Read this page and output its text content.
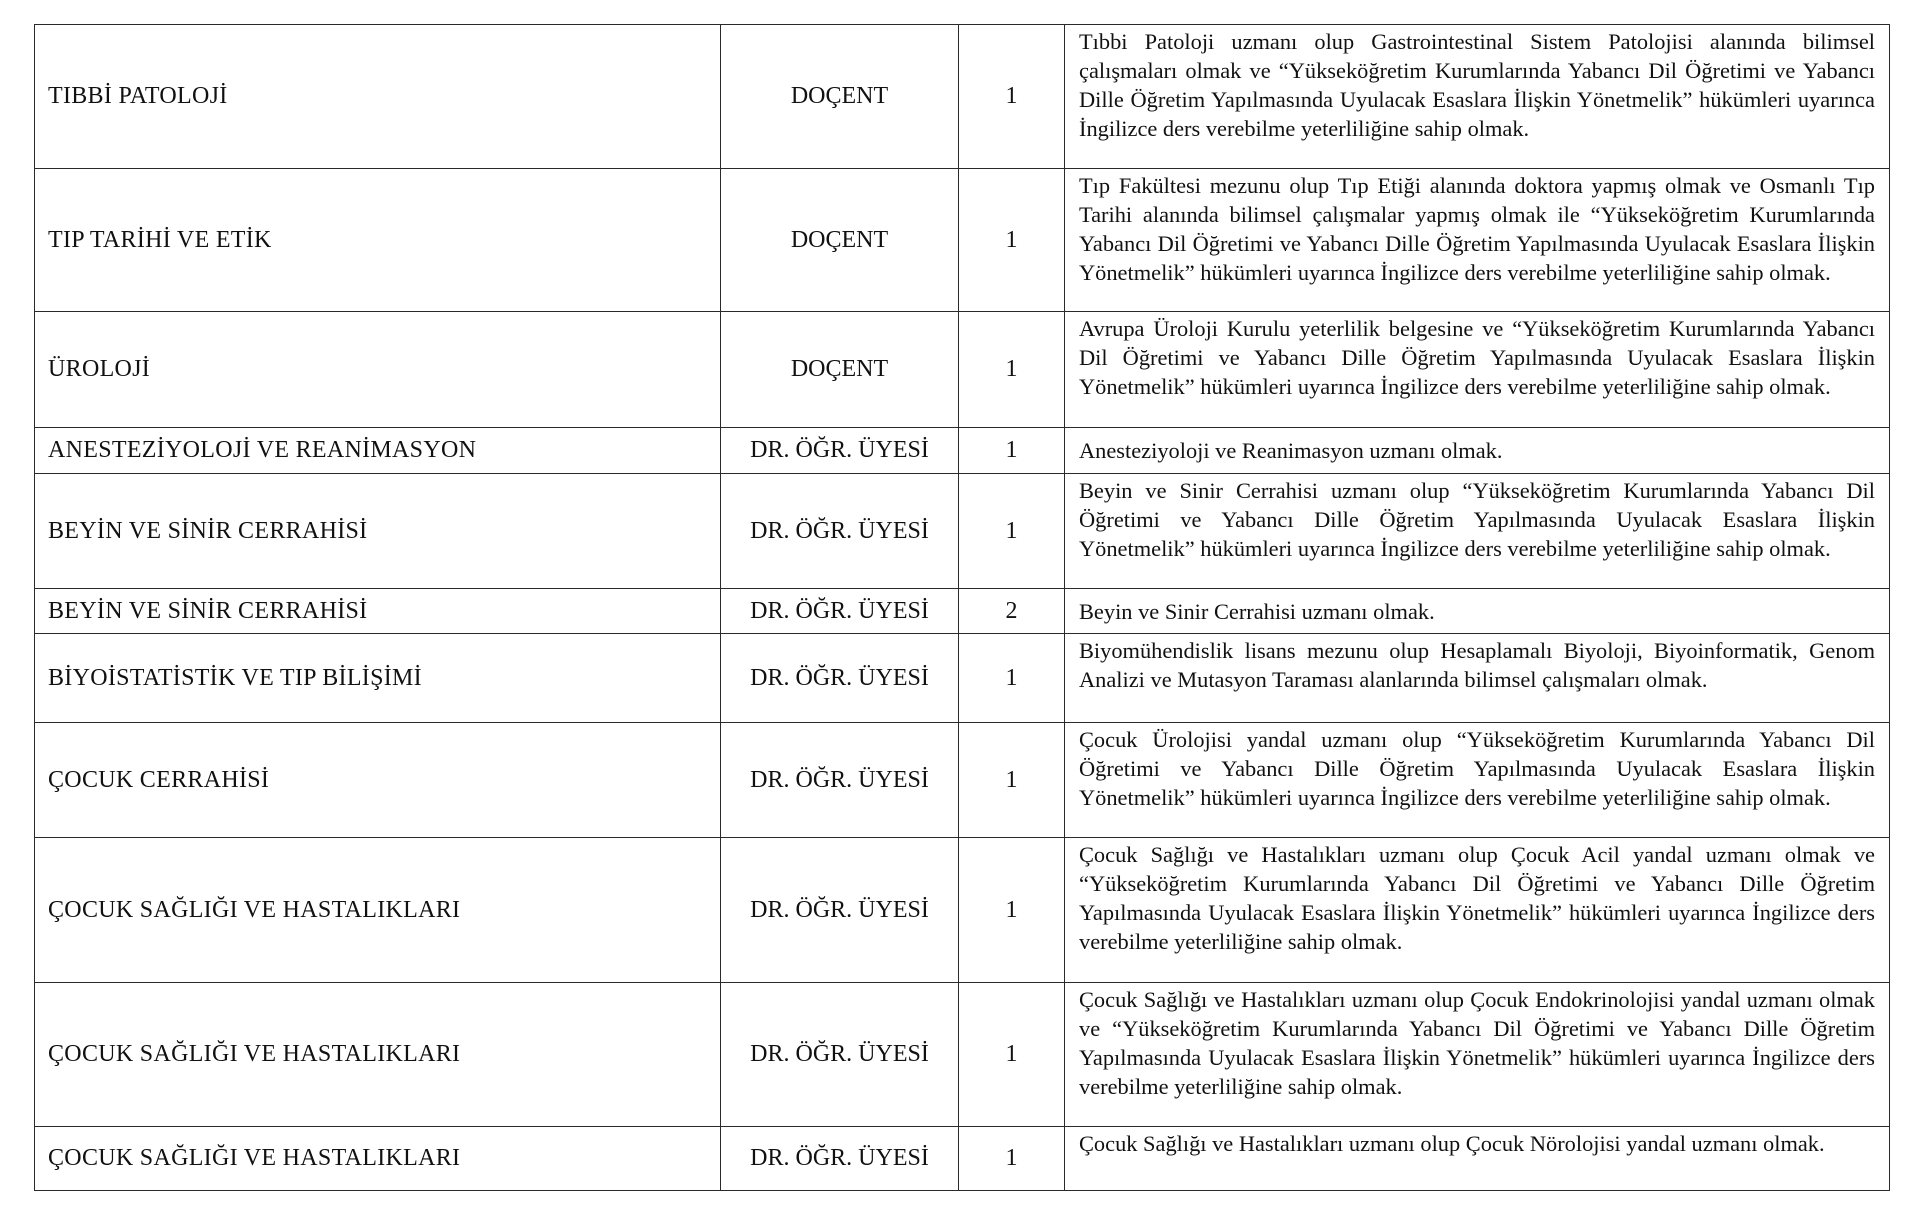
TIBBİ PATOLOJİ	DOÇENT	1	Tıbbi Patoloji uzmanı olup Gastrointestinal Sistem Patolojisi alanında bilimsel çalışmaları olmak ve “Yükseköğretim Kurumlarında Yabancı Dil Öğretimi ve Yabancı Dille Öğretim Yapılmasında Uyulacak Esaslara İlişkin Yönetmelik” hükümleri uyarınca İngilizce ders verebilme yeterliliğine sahip olmak.
TIP TARİHİ VE ETİK	DOÇENT	1	Tıp Fakültesi mezunu olup Tıp Etiği alanında doktora yapmış olmak ve Osmanlı Tıp Tarihi alanında bilimsel çalışmalar yapmış olmak ile “Yükseköğretim Kurumlarında Yabancı Dil Öğretimi ve Yabancı Dille Öğretim Yapılmasında Uyulacak Esaslara İlişkin Yönetmelik” hükümleri uyarınca İngilizce ders verebilme yeterliliğine sahip olmak.
ÜROLOJİ	DOÇENT	1	Avrupa Üroloji Kurulu yeterlilik belgesine ve “Yükseköğretim Kurumlarında Yabancı Dil Öğretimi ve Yabancı Dille Öğretim Yapılmasında Uyulacak Esaslara İlişkin Yönetmelik” hükümleri uyarınca İngilizce ders verebilme yeterliliğine sahip olmak.
ANESTEZİYOLOJİ VE REANİMASYON	DR. ÖĞR. ÜYESİ	1	Anesteziyoloji ve Reanimasyon uzmanı olmak.
BEYİN VE SİNİR CERRAHİSİ	DR. ÖĞR. ÜYESİ	1	Beyin ve Sinir Cerrahisi uzmanı olup “Yükseköğretim Kurumlarında Yabancı Dil Öğretimi ve Yabancı Dille Öğretim Yapılmasında Uyulacak Esaslara İlişkin Yönetmelik” hükümleri uyarınca İngilizce ders verebilme yeterliliğine sahip olmak.
BEYİN VE SİNİR CERRAHİSİ	DR. ÖĞR. ÜYESİ	2	Beyin ve Sinir Cerrahisi uzmanı olmak.
BİYOİSTATİSTİK VE TIP BİLİŞİMİ	DR. ÖĞR. ÜYESİ	1	Biyomühendislik lisans mezunu olup Hesaplamalı Biyoloji, Biyoinformatik, Genom Analizi ve Mutasyon Taraması alanlarında bilimsel çalışmaları olmak.
ÇOCUK CERRAHİSİ	DR. ÖĞR. ÜYESİ	1	Çocuk Ürolojisi yandal uzmanı olup “Yükseköğretim Kurumlarında Yabancı Dil Öğretimi ve Yabancı Dille Öğretim Yapılmasında Uyulacak Esaslara İlişkin Yönetmelik” hükümleri uyarınca İngilizce ders verebilme yeterliliğine sahip olmak.
ÇOCUK SAĞLIĞI VE HASTALIKLARI	DR. ÖĞR. ÜYESİ	1	Çocuk Sağlığı ve Hastalıkları uzmanı olup Çocuk Acil yandal uzmanı olmak ve “Yükseköğretim Kurumlarında Yabancı Dil Öğretimi ve Yabancı Dille Öğretim Yapılmasında Uyulacak Esaslara İlişkin Yönetmelik” hükümleri uyarınca İngilizce ders verebilme yeterliliğine sahip olmak.
ÇOCUK SAĞLIĞI VE HASTALIKLARI	DR. ÖĞR. ÜYESİ	1	Çocuk Sağlığı ve Hastalıkları uzmanı olup Çocuk Endokrinolojisi yandal uzmanı olmak ve “Yükseköğretim Kurumlarında Yabancı Dil Öğretimi ve Yabancı Dille Öğretim Yapılmasında Uyulacak Esaslara İlişkin Yönetmelik” hükümleri uyarınca İngilizce ders verebilme yeterliliğine sahip olmak.
ÇOCUK SAĞLIĞI VE HASTALIKLARI	DR. ÖĞR. ÜYESİ	1	Çocuk Sağlığı ve Hastalıkları uzmanı olup Çocuk Nörolojisi yandal uzmanı olmak.
